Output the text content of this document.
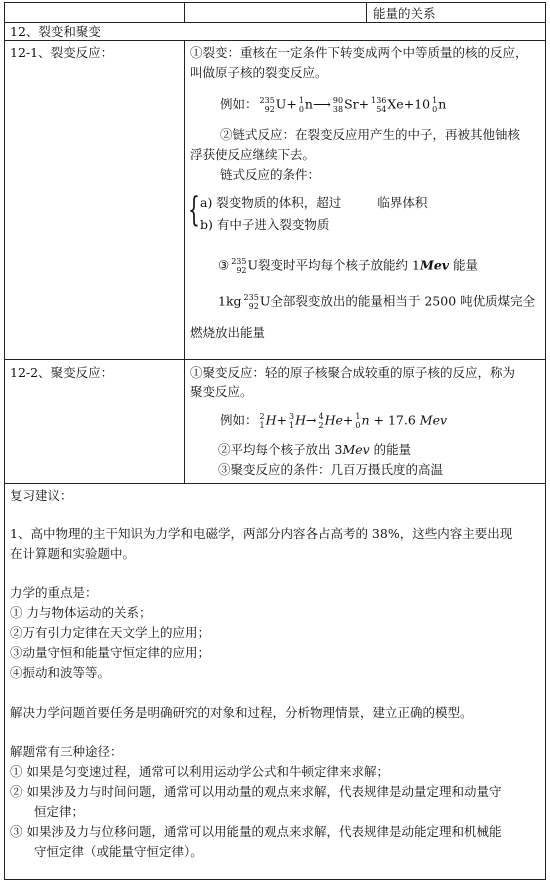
能量的关系
12、裂变和聚变
12-1、裂变反应：	①裂变：重核在一定条件下转变成两个中等质量的核的反应，
叫做原子核的裂变反应。
例如： 235
92 U+ 1
0 n⟶ 90
38 Sr+ 136
54 Xe+10 1
0 n
②链式反应：在裂变反应用产生的中子，再被其他铀核
浮获使反应继续下去。
链式反应的条件：
{ a) 裂变物质的体积，超过	临界体积
b) 有中子进入裂变物质
③ 235
92 U裂变时平均每个核子放能约 1Mev 能量
1kg 235
92 U全部裂变放出的能量相当于 2500 吨优质煤完全
燃烧放出能量
12-2、聚变反应：	①聚变反应：轻的原子核聚合成较重的原子核的反应，称为
聚变反应。
例如： 2
1 H+ 3
1 H→ 4
2 He+ 1
0 n + 17.6 Mev
②平均每个核子放出 3Mev 的能量
③聚变反应的条件：几百万摄氏度的高温
复习建议：
1、高中物理的主干知识为力学和电磁学，两部分内容各占高考的 38%，这些内容主要出现
在计算题和实验题中。
力学的重点是：
① 力与物体运动的关系；
②万有引力定律在天文学上的应用；
③动量守恒和能量守恒定律的应用；
④振动和波等等。
解决力学问题首要任务是明确研究的对象和过程，分析物理情景，建立正确的模型。
解题常有三种途径：
① 如果是匀变速过程，通常可以利用运动学公式和牛顿定律来求解；
② 如果涉及力与时间问题，通常可以用动量的观点来求解，代表规律是动量定理和动量守
恒定律；
③ 如果涉及力与位移问题，通常可以用能量的观点来求解，代表规律是动能定理和机械能
守恒定律（或能量守恒定律）。
